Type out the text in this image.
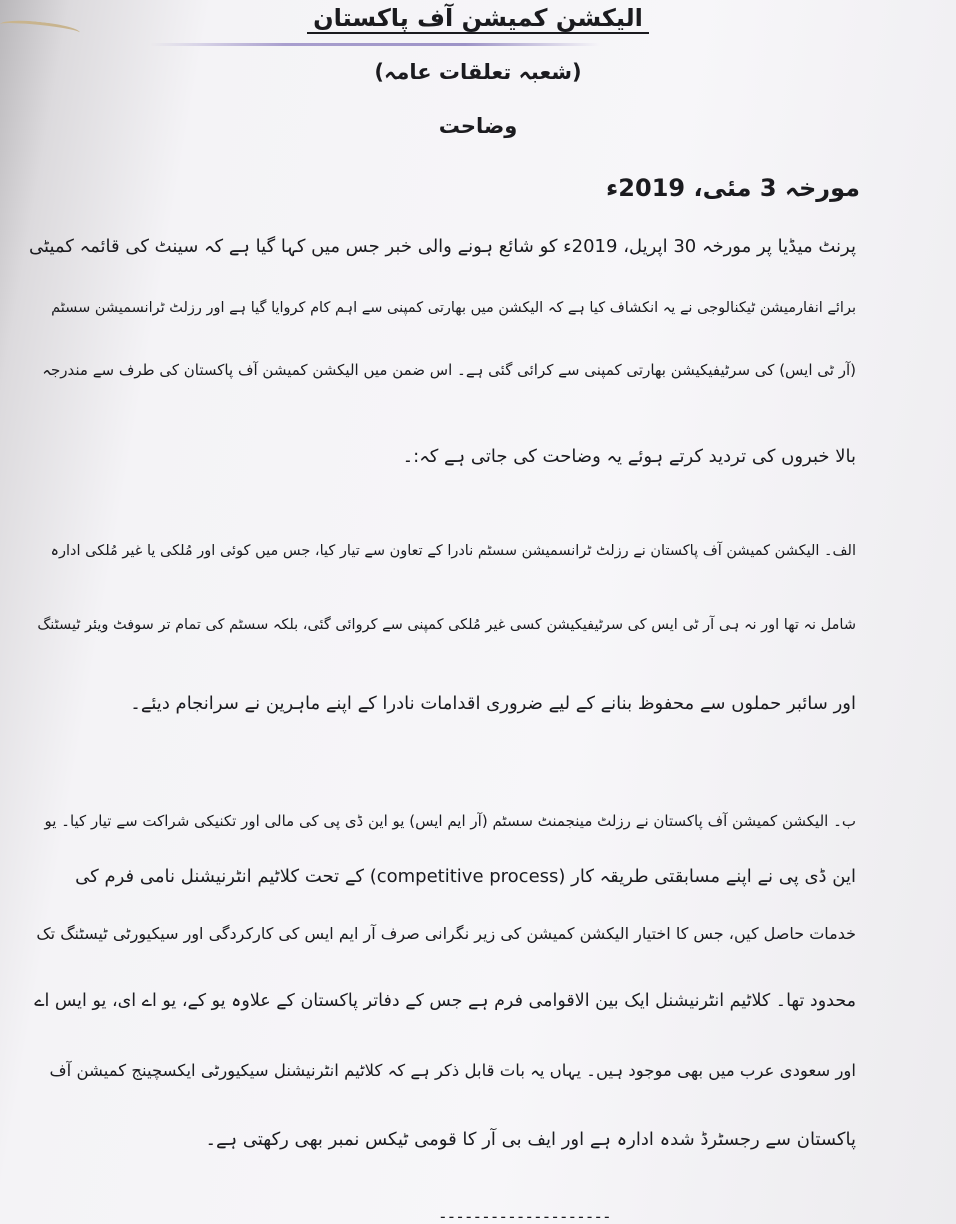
الیکشن کمیشن آف پاکستان
(شعبہ تعلقات عامہ)
وضاحت
مورخہ 3 مئی، 2019ء

پرنٹ میڈیا پر مورخہ 30 اپریل، 2019ء کو شائع ہونے والی خبر جس میں کہا گیا ہے کہ سینٹ کی قائمہ کمیٹی

برائے انفارمیشن ٹیکنالوجی نے یہ انکشاف کیا ہے کہ الیکشن میں بھارتی کمپنی سے اہم کام کروایا گیا ہے اور رزلٹ ٹرانسمیشن سسٹم

(آر ٹی ایس) کی سرٹیفیکیشن بھارتی کمپنی سے کرائی گئی ہے۔ اس ضمن میں الیکشن کمیشن آف پاکستان کی طرف سے مندرجہ

بالا خبروں کی تردید کرتے ہوئے یہ وضاحت کی جاتی ہے کہ:۔

الف۔ الیکشن کمیشن آف پاکستان نے رزلٹ ٹرانسمیشن سسٹم نادرا کے تعاون سے تیار کیا، جس میں کوئی اور مُلکی یا غیر مُلکی ادارہ

شامل نہ تھا اور نہ ہی آر ٹی ایس کی سرٹیفیکیشن کسی غیر مُلکی کمپنی سے کروائی گئی، بلکہ سسٹم کی تمام تر سوفٹ ویئر ٹیسٹنگ

اور سائبر حملوں سے محفوظ بنانے کے لیے ضروری اقدامات نادرا کے اپنے ماہرین نے سرانجام دیئے۔

ب۔ الیکشن کمیشن آف پاکستان نے رزلٹ مینجمنٹ سسٹم (آر ایم ایس) یو این ڈی پی کی مالی اور تکنیکی شراکت سے تیار کیا۔ یو

این ڈی پی نے اپنے مسابقتی طریقہ کار (competitive process) کے تحت کلاٹیم انٹرنیشنل نامی فرم کی

خدمات حاصل کیں، جس کا اختیار الیکشن کمیشن کی زیر نگرانی صرف آر ایم ایس کی کارکردگی اور سیکیورٹی ٹیسٹنگ تک

محدود تھا۔ کلاٹیم انٹرنیشنل ایک بین الاقوامی فرم ہے جس کے دفاتر پاکستان کے علاوہ یو کے، یو اے ای، یو ایس اے

اور سعودی عرب میں بھی موجود ہیں۔ یہاں یہ بات قابل ذکر ہے کہ کلاٹیم انٹرنیشنل سیکیورٹی ایکسچینج کمیشن آف

پاکستان سے رجسٹرڈ شدہ ادارہ ہے اور ایف بی آر کا قومی ٹیکس نمبر بھی رکھتی ہے۔

--------------------
